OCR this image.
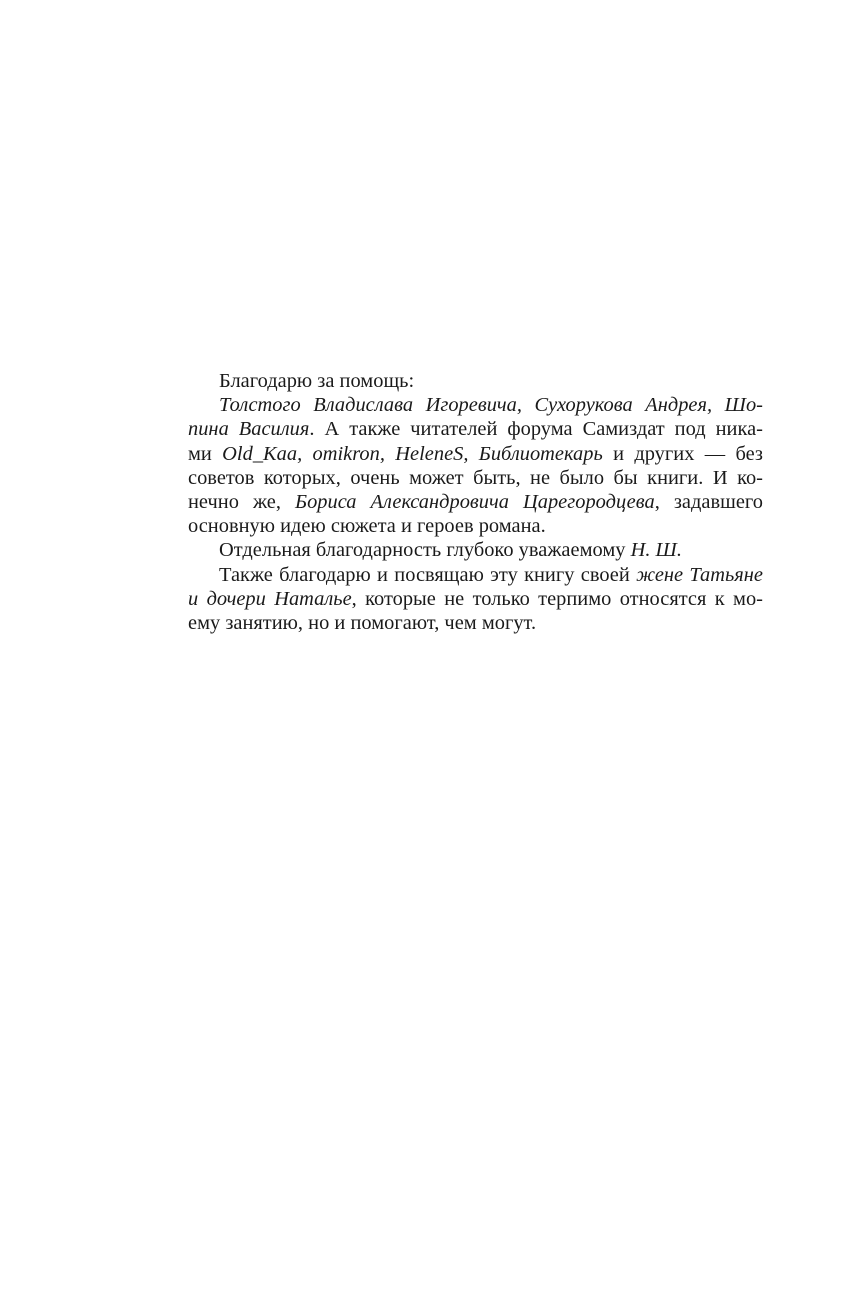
Благодарю за помощь:
Толстого Владислава Игоревича, Сухорукова Андрея, Шо-
пина Василия. А также читателей форума Самиздат под ника-
ми Old_Kaa, omikron, HeleneS, Библиотекарь и других — без
советов которых, очень может быть, не было бы книги. И ко-
нечно же, Бориса Александровича Царегородцева, задавшего
основную идею сюжета и героев романа.
Отдельная благодарность глубоко уважаемому Н. Ш.
Также благодарю и посвящаю эту книгу своей жене Татьяне
и дочери Наталье, которые не только терпимо относятся к мо-
ему занятию, но и помогают, чем могут.
